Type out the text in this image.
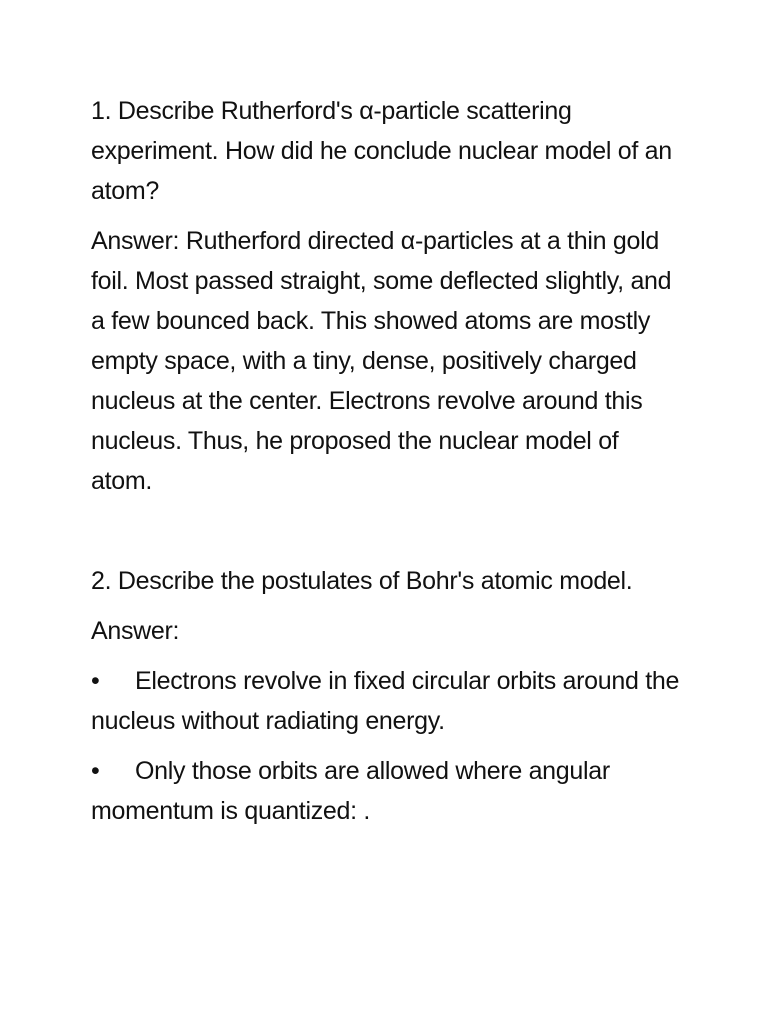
1. Describe Rutherford's α-particle scattering experiment. How did he conclude nuclear model of an atom?

Answer: Rutherford directed α-particles at a thin gold foil. Most passed straight, some deflected slightly, and a few bounced back. This showed atoms are mostly empty space, with a tiny, dense, positively charged nucleus at the center. Electrons revolve around this nucleus. Thus, he proposed the nuclear model of atom.

2. Describe the postulates of Bohr's atomic model.

Answer:

• Electrons revolve in fixed circular orbits around the nucleus without radiating energy.

• Only those orbits are allowed where angular momentum is quantized: .
